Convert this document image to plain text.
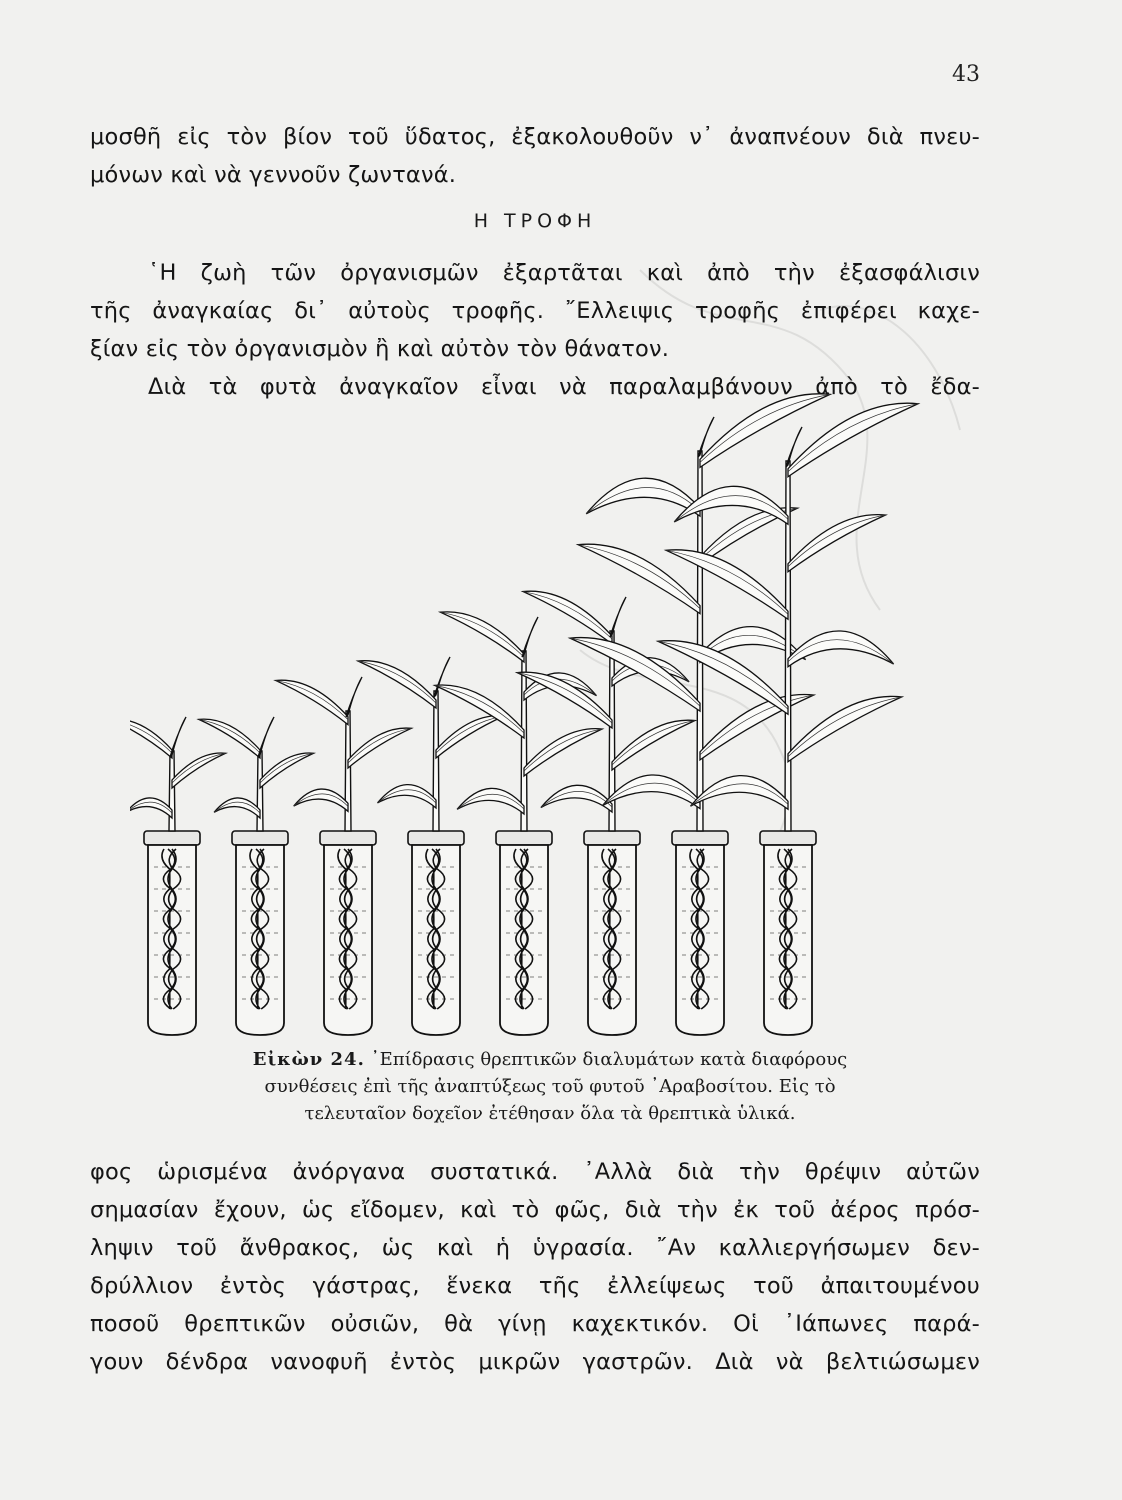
43
μοσθῆ εἰς τὸν βίον τοῦ ὕδατος, ἐξακολουθοῦν ν᾽ ἀναπνέουν διὰ πνευ-
μόνων καὶ νὰ γεννοῦν ζωντανά.
Η ΤΡΟΦΗ
῾Η ζωὴ τῶν ὀργανισμῶν ἐξαρτᾶται καὶ ἀπὸ τὴν ἐξασφάλισιν
τῆς ἀναγκαίας δι᾽ αὐτοὺς τροφῆς. ῎Ελλειψις τροφῆς ἐπιφέρει καχε-
ξίαν εἰς τὸν ὀργανισμὸν ἢ καὶ αὐτὸν τὸν θάνατον.
Διὰ τὰ φυτὰ ἀναγκαῖον εἶναι νὰ παραλαμβάνουν ἀπὸ τὸ ἔδα-
Εἰκὼν 24. ᾽Επίδρασις θρεπτικῶν διαλυμάτων κατὰ διαφόρους
συνθέσεις ἐπὶ τῆς ἀναπτύξεως τοῦ φυτοῦ ᾽Αραβοσίτου. Εἰς τὸ
τελευταῖον δοχεῖον ἐτέθησαν ὅλα τὰ θρεπτικὰ ὑλικά.
φος ὡρισμένα ἀνόργανα συστατικά. ᾽Αλλὰ διὰ τὴν θρέψιν αὐτῶν
σημασίαν ἔχουν, ὡς εἴδομεν, καὶ τὸ φῶς, διὰ τὴν ἐκ τοῦ ἀέρος πρόσ-
ληψιν τοῦ ἄνθρακος, ὡς καὶ ἡ ὑγρασία. ῎Αν καλλιεργήσωμεν δεν-
δρύλλιον ἐντὸς γάστρας, ἕνεκα τῆς ἐλλείψεως τοῦ ἀπαιτουμένου
ποσοῦ θρεπτικῶν οὐσιῶν, θὰ γίνῃ καχεκτικόν. Οἱ ᾽Ιάπωνες παρά-
γουν δένδρα νανοφυῆ ἐντὸς μικρῶν γαστρῶν. Διὰ νὰ βελτιώσωμεν
